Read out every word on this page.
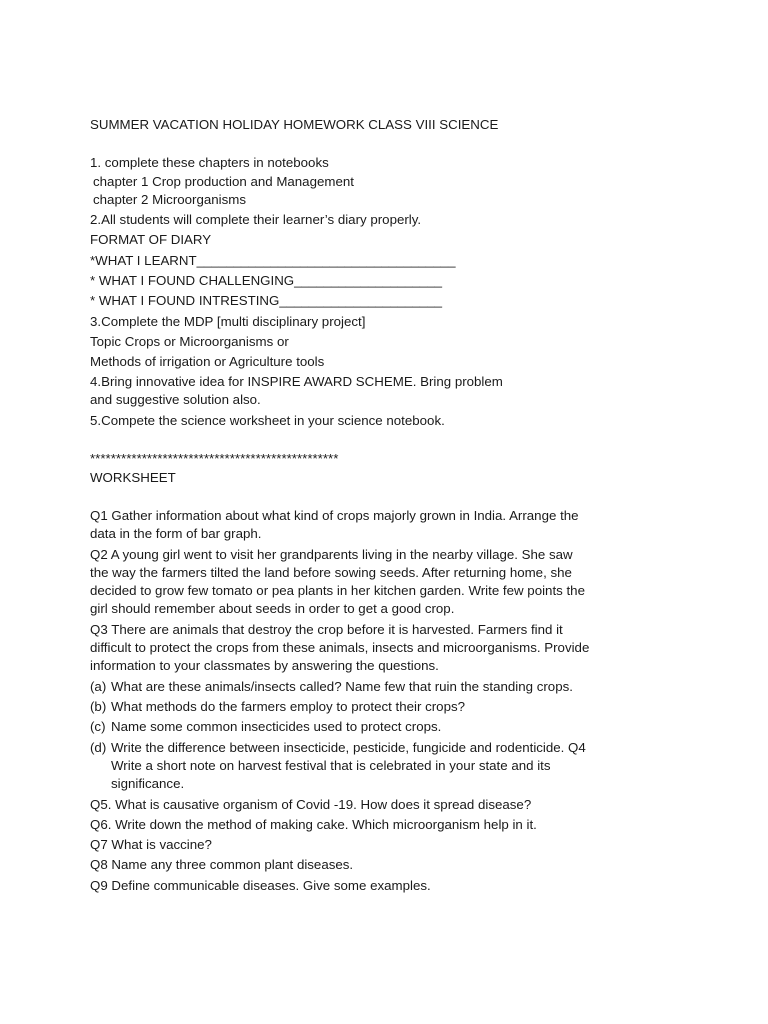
SUMMER VACATION HOLIDAY HOMEWORK CLASS VIII SCIENCE
1. complete these chapters in notebooks
chapter 1 Crop production and Management
chapter 2 Microorganisms
2.All students will complete their learner’s diary properly.
FORMAT OF DIARY
*WHAT I LEARNT___________________________________
* WHAT I FOUND CHALLENGING____________________
* WHAT I FOUND INTRESTING______________________
3.Complete the MDP [multi disciplinary project]
Topic Crops or Microorganisms or
Methods of irrigation or Agriculture tools
4.Bring innovative idea for INSPIRE AWARD SCHEME. Bring problem
and suggestive solution also.
5.Compete the science worksheet in your science notebook.
************************************************
WORKSHEET
Q1 Gather information about what kind of crops majorly grown in India. Arrange the
data in the form of bar graph.
Q2 A young girl went to visit her grandparents living in the nearby village. She saw
the way the farmers tilted the land before sowing seeds. After returning home, she
decided to grow few tomato or pea plants in her kitchen garden. Write few points the
girl should remember about seeds in order to get a good crop.
Q3 There are animals that destroy the crop before it is harvested. Farmers find it
difficult to protect the crops from these animals, insects and microorganisms. Provide
information to your classmates by answering the questions.
(a) What are these animals/insects called? Name few that ruin the standing crops.
(b) What methods do the farmers employ to protect their crops?
(c) Name some common insecticides used to protect crops.
(d) Write the difference between insecticide, pesticide, fungicide and rodenticide. Q4
Write a short note on harvest festival that is celebrated in your state and its
significance.
Q5. What is causative organism of Covid -19. How does it spread disease?
Q6. Write down the method of making cake. Which microorganism help in it.
Q7 What is vaccine?
Q8 Name any three common plant diseases.
Q9 Define communicable diseases. Give some examples.
